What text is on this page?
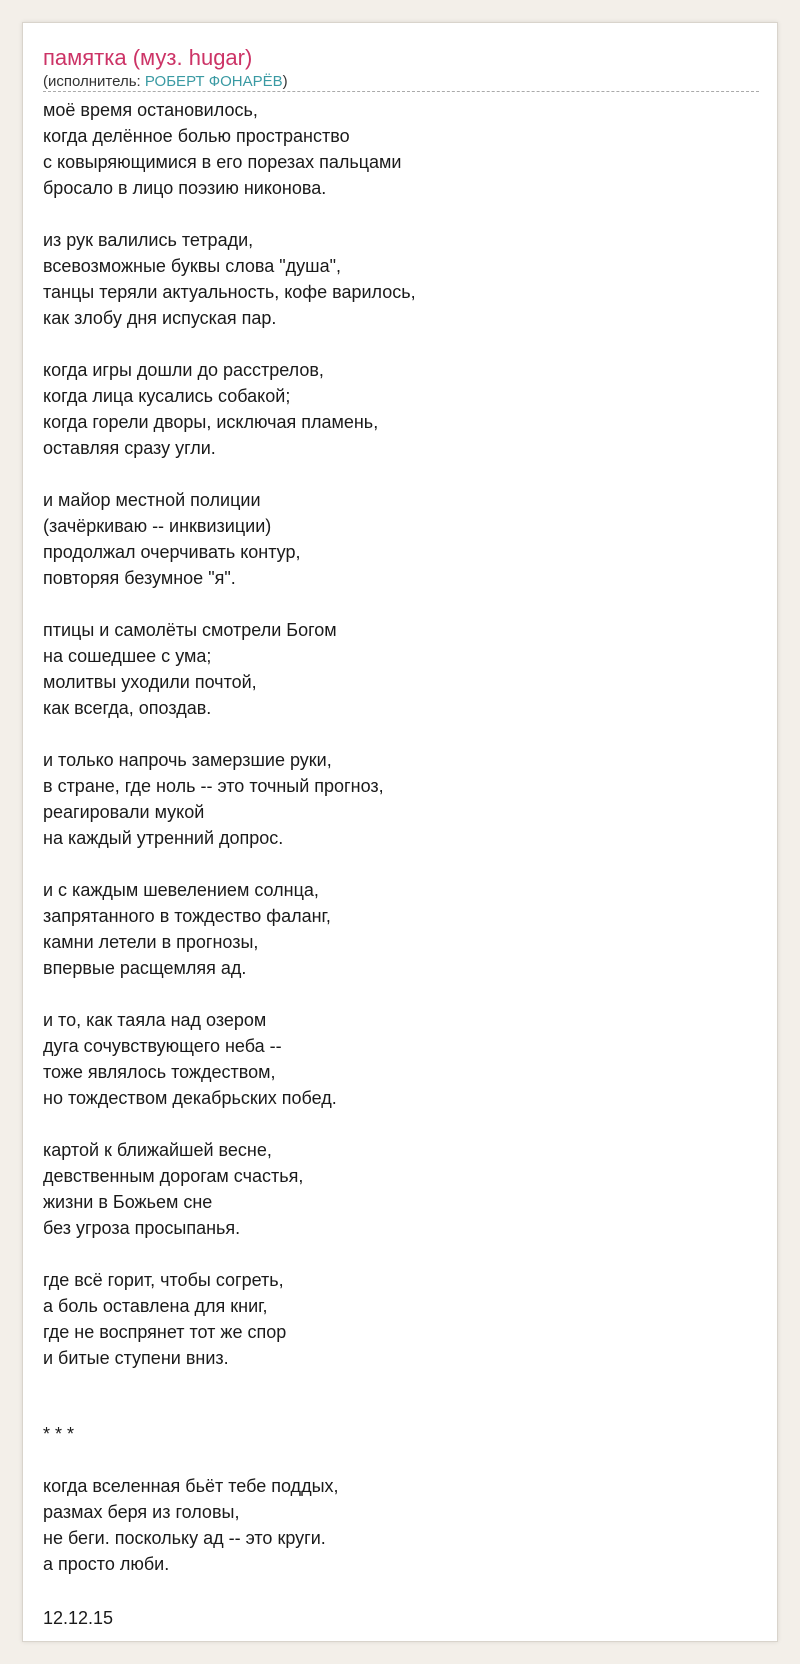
памятка (муз. hugar)
(исполнитель: РОБЕРТ ФОНАРЁВ)
моё время остановилось,
когда делённое болью пространство
с ковыряющимися в его порезах пальцами
бросало в лицо поэзию никонова.
из рук валились тетради,
всевозможные буквы слова "душа",
танцы теряли актуальность, кофе варилось,
как злобу дня испуская пар.
когда игры дошли до расстрелов,
когда лица кусались собакой;
когда горели дворы, исключая пламень,
оставляя сразу угли.
и майор местной полиции
(зачёркиваю -- инквизиции)
продолжал очерчивать контур,
повторяя безумное "я".
птицы и самолёты смотрели Богом
на сошедшее с ума;
молитвы уходили почтой,
как всегда, опоздав.
и только напрочь замерзшие руки,
в стране, где ноль -- это точный прогноз,
реагировали мукой
на каждый утренний допрос.
и с каждым шевелением солнца,
запрятанного в тождество фаланг,
камни летели в прогнозы,
впервые расщемляя ад.
и то, как таяла над озером
дуга сочувствующего неба --
тоже являлось тождеством,
но тождеством декабрьских побед.
картой к ближайшей весне,
девственным дорогам счастья,
жизни в Божьем сне
без угроза просыпанья.
где всё горит, чтобы согреть,
а боль оставлена для книг,
где не воспрянет тот же спор
и битые ступени вниз.
* * *
когда вселенная бьёт тебе поддых,
размах беря из головы,
не беги. поскольку ад -- это круги.
а просто люби.
12.12.15
